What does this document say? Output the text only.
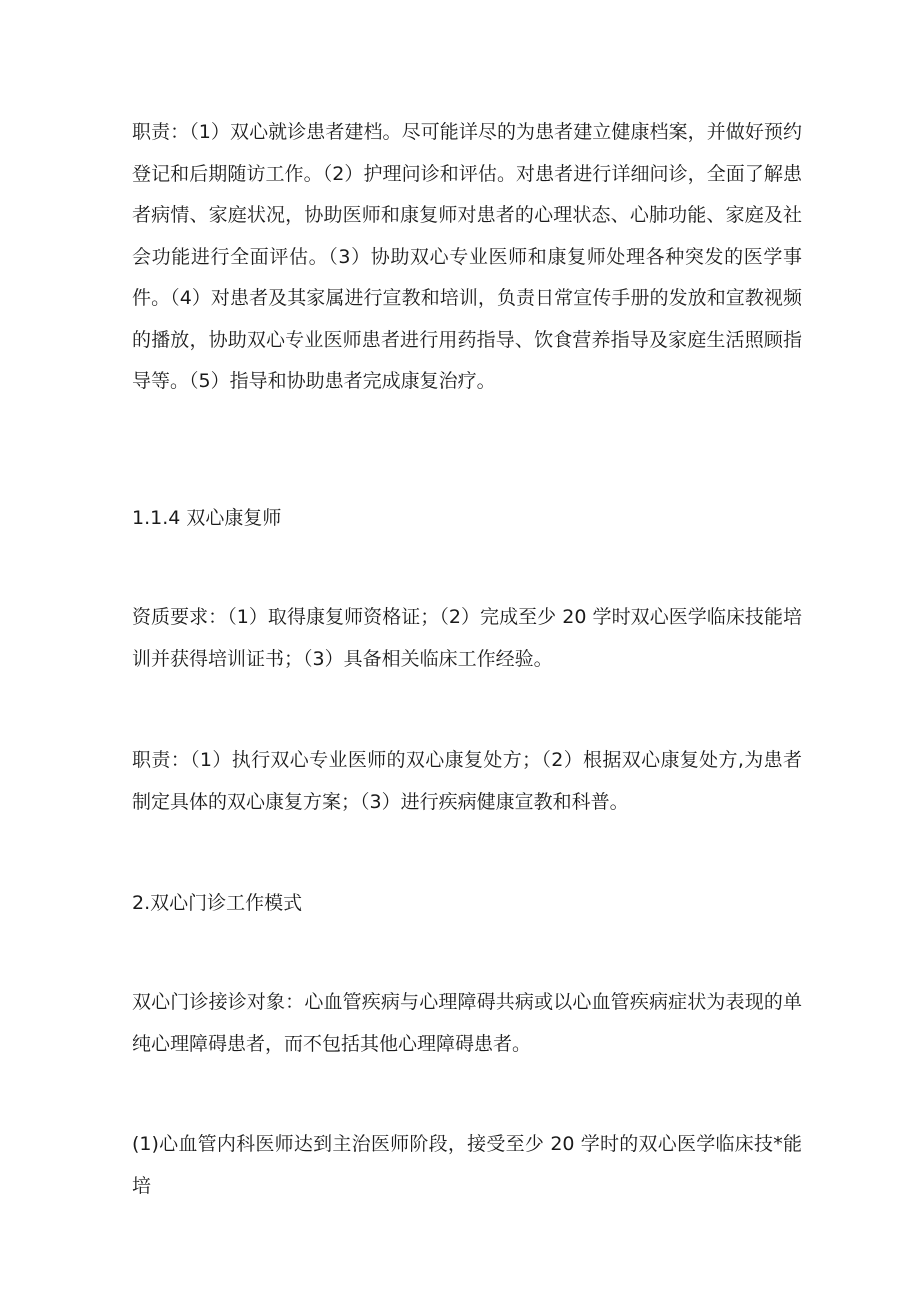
职责：（1）双心就诊患者建档。尽可能详尽的为患者建立健康档案，并做好预约登记和后期随访工作。（2）护理问诊和评估。对患者进行详细问诊，全面了解患者病情、家庭状况，协助医师和康复师对患者的心理状态、心肺功能、家庭及社会功能进行全面评估。（3）协助双心专业医师和康复师处理各种突发的医学事件。（4）对患者及其家属进行宣教和培训，负责日常宣传手册的发放和宣教视频的播放，协助双心专业医师患者进行用药指导、饮食营养指导及家庭生活照顾指导等。（5）指导和协助患者完成康复治疗。

1.1.4 双心康复师

资质要求：（1）取得康复师资格证；（2）完成至少 20 学时双心医学临床技能培训并获得培训证书；（3）具备相关临床工作经验。

职责：（1）执行双心专业医师的双心康复处方；（2）根据双心康复处方,为患者制定具体的双心康复方案；（3）进行疾病健康宣教和科普。

2.双心门诊工作模式

双心门诊接诊对象：心血管疾病与心理障碍共病或以心血管疾病症状为表现的单纯心理障碍患者，而不包括其他心理障碍患者。

(1)心血管内科医师达到主治医师阶段，接受至少 20 学时的双心医学临床技*能培
